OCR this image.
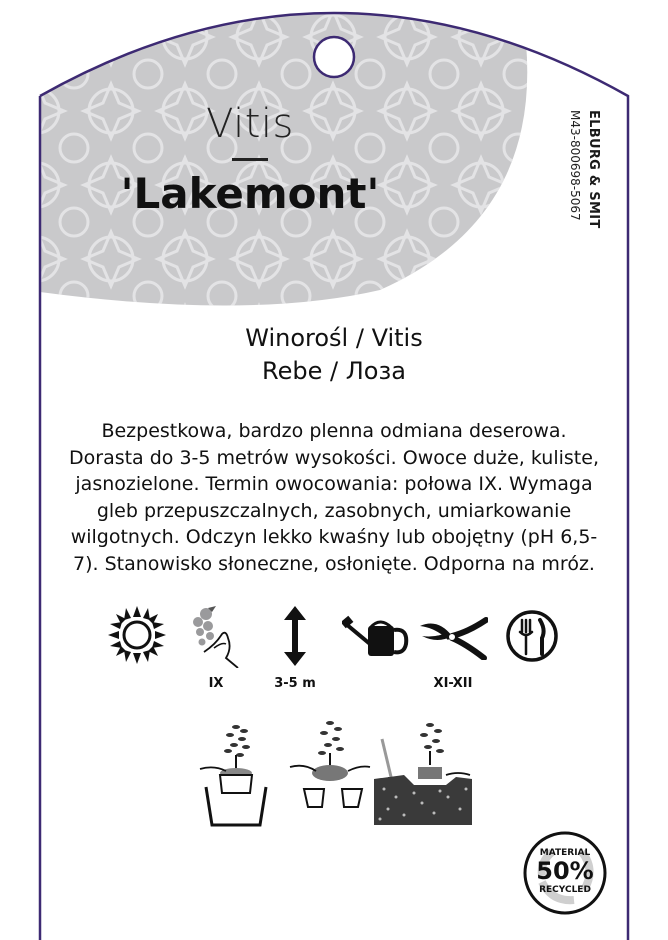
Vitis
'Lakemont'	ELBURG & SMIT
M43-800698-5067
Winorośl / Vitis
Rebe / Лоза
Bezpestkowa, bardzo plenna odmiana deserowa.
Dorasta do 3-5 metrów wysokości. Owoce duże, kuliste,
jasnozielone. Termin owocowania: połowa IX. Wymaga
gleb przepuszczalnych, zasobnych, umiarkowanie
wilgotnych. Odczyn lekko kwaśny lub obojętny (pH 6,5-
7). Stanowisko słoneczne, osłonięte. Odporna na mróz.
IX	3-5 m	XI-XII
MATERIAL
50%
RECYCLED
